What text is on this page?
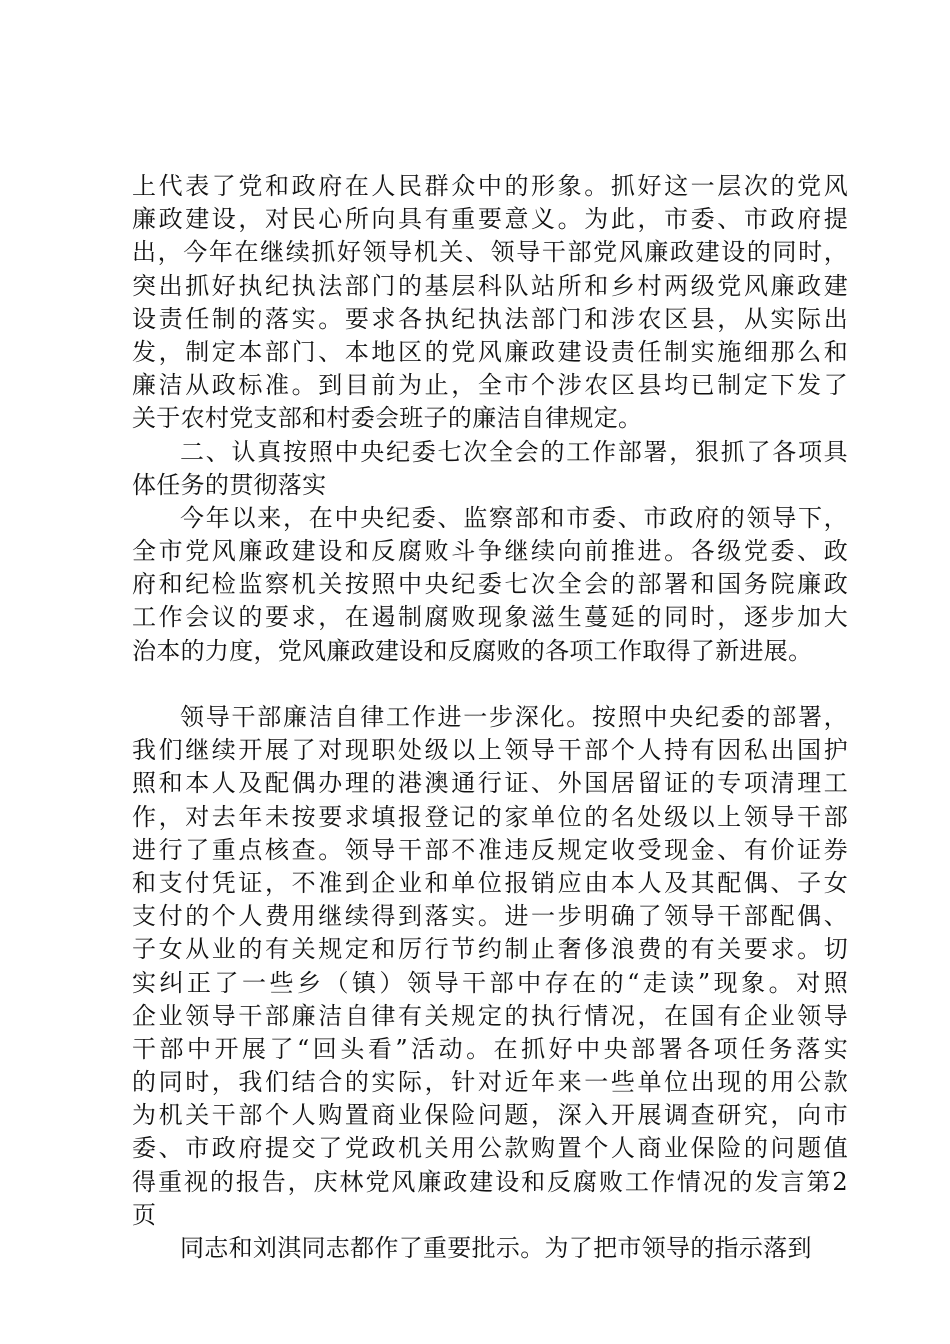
上代表了党和政府在人民群众中的形象。抓好这一层次的党风
廉政建设，对民心所向具有重要意义。为此，市委、市政府提
出，今年在继续抓好领导机关、领导干部党风廉政建设的同时，
突出抓好执纪执法部门的基层科队站所和乡村两级党风廉政建
设责任制的落实。要求各执纪执法部门和涉农区县，从实际出
发，制定本部门、本地区的党风廉政建设责任制实施细那么和
廉洁从政标准。到目前为止，全市个涉农区县均已制定下发了
关于农村党支部和村委会班子的廉洁自律规定。
二、认真按照中央纪委七次全会的工作部署，狠抓了各项具
体任务的贯彻落实
今年以来，在中央纪委、监察部和市委、市政府的领导下，
全市党风廉政建设和反腐败斗争继续向前推进。各级党委、政
府和纪检监察机关按照中央纪委七次全会的部署和国务院廉政
工作会议的要求，在遏制腐败现象滋生蔓延的同时，逐步加大
治本的力度，党风廉政建设和反腐败的各项工作取得了新进展。
领导干部廉洁自律工作进一步深化。按照中央纪委的部署，
我们继续开展了对现职处级以上领导干部个人持有因私出国护
照和本人及配偶办理的港澳通行证、外国居留证的专项清理工
作，对去年未按要求填报登记的家单位的名处级以上领导干部
进行了重点核查。领导干部不准违反规定收受现金、有价证券
和支付凭证，不准到企业和单位报销应由本人及其配偶、子女
支付的个人费用继续得到落实。进一步明确了领导干部配偶、
子女从业的有关规定和厉行节约制止奢侈浪费的有关要求。切
实纠正了一些乡（镇）领导干部中存在的“走读”现象。对照
企业领导干部廉洁自律有关规定的执行情况，在国有企业领导
干部中开展了“回头看”活动。在抓好中央部署各项任务落实
的同时，我们结合的实际，针对近年来一些单位出现的用公款
为机关干部个人购置商业保险问题，深入开展调查研究，向市
委、市政府提交了党政机关用公款购置个人商业保险的问题值
得重视的报告，庆林党风廉政建设和反腐败工作情况的发言第2
页
同志和刘淇同志都作了重要批示。为了把市领导的指示落到
